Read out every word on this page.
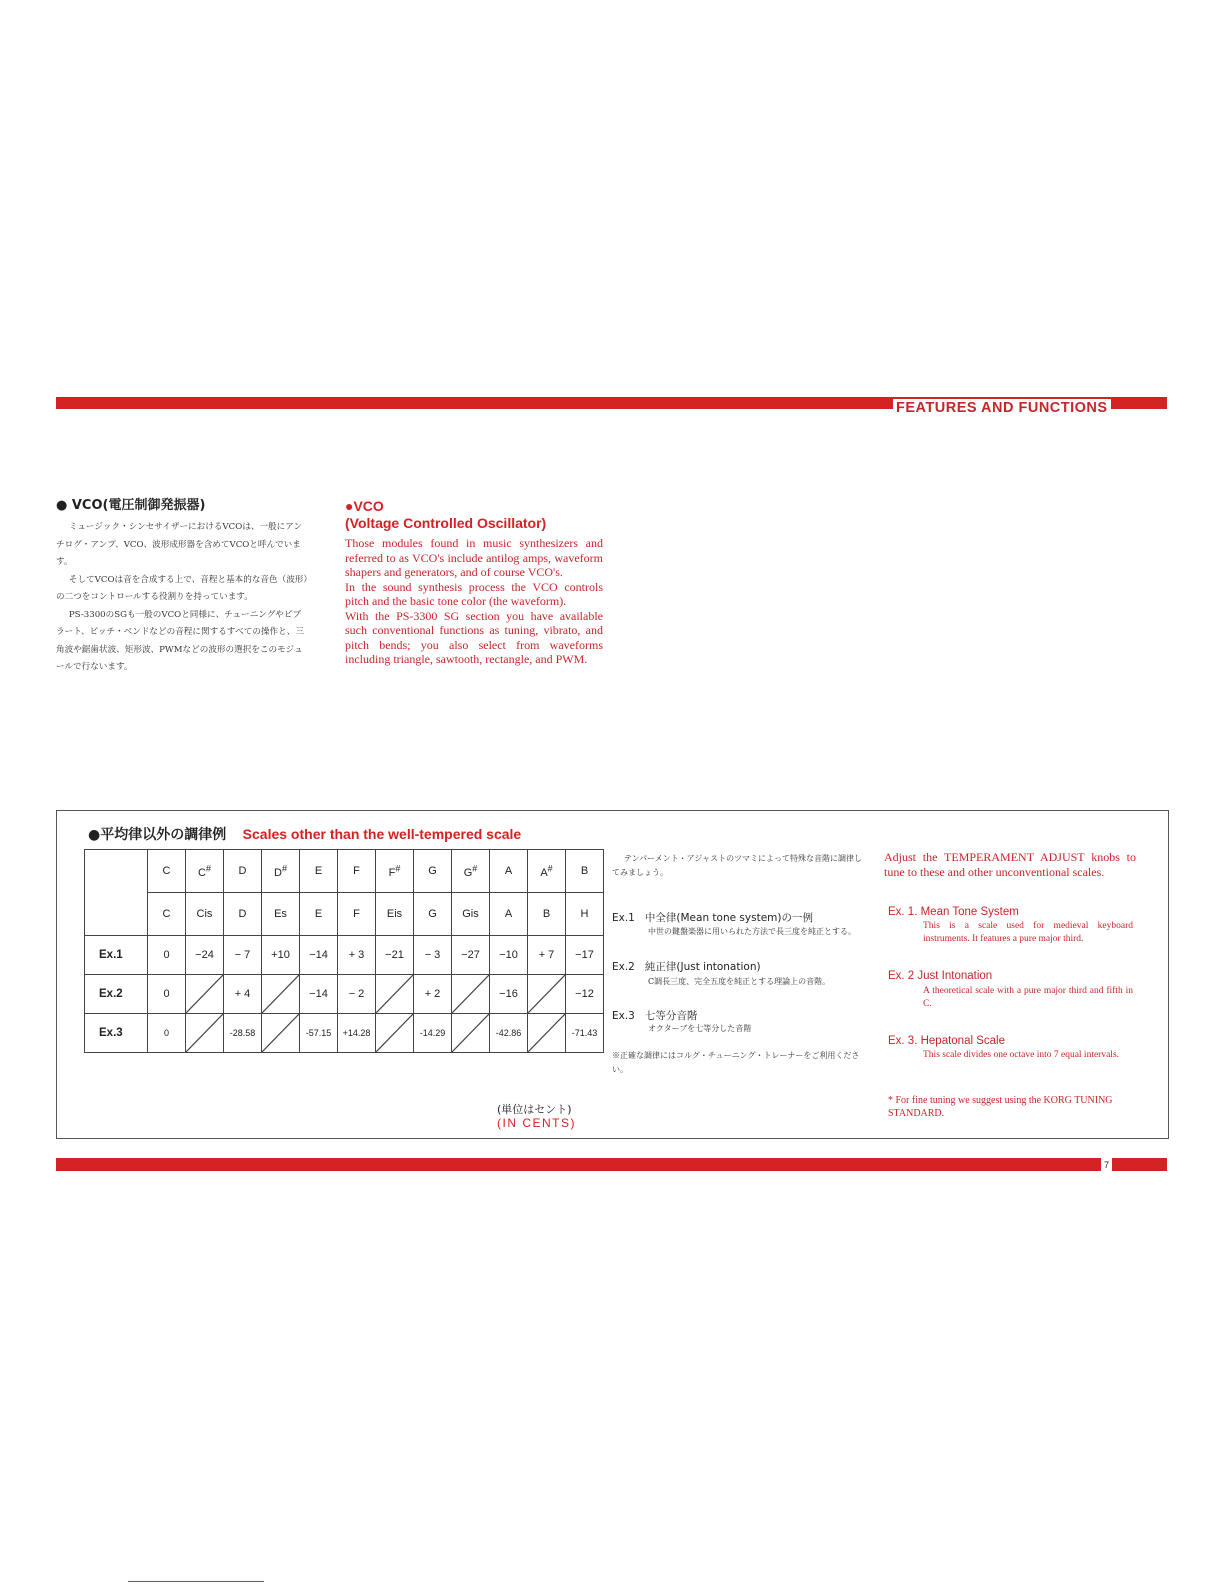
FEATURES AND FUNCTIONS
● VCO(電圧制御発振器)

ミュージック・シンセサイザーにおけるVCOは、一般にアンチログ・アンプ、VCO、波形成形器を含めてVCOと呼んでいます。

そしてVCOは音を合成する上で、音程と基本的な音色（波形）の二つをコントロールする役割りを持っています。

PS-3300のSGも一般のVCOと同様に、チューニングやビブラート、ピッチ・ベンドなどの音程に関するすべての操作と、三角波や鋸歯状波、矩形波、PWMなどの波形の選択をこのモジュールで行ないます。

●VCO
(Voltage Controlled Oscillator)

Those modules found in music synthesizers and referred to as VCO's include antilog amps, waveform shapers and generators, and of course VCO's.

In the sound synthesis process the VCO controls pitch and the basic tone color (the waveform).

With the PS-3300 SG section you have available such conventional functions as tuning, vibrato, and pitch bends; you also select from waveforms including triangle, sawtooth, rectangle, and PWM.

●平均律以外の調律例 Scales other than the well-tempered scale
	C	C#	D	D#	E	F	F#	G	G#	A	A#	B
	C	Cis	D	Es	E	F	Eis	G	Gis	A	B	H
Ex.1	0	−24	− 7	+10	−14	+ 3	−21	− 3	−27	−10	+ 7	−17
Ex.2	0		+ 4		−14	− 2		+ 2		−16		−12
Ex.3	0		-28.58		-57.15	+14.28		-14.29		-42.86		-71.43
(単位はセント)
(IN CENTS)

テンパーメント・アジャストのツマミによって特殊な音階に調律してみましょう。

Ex.1 中全律(Mean tone system)の一例
中世の鍵盤楽器に用いられた方法で長三度を純正とする。
Ex.2 純正律(Just intonation)
C調長三度、完全五度を純正とする理論上の音階。
Ex.3 七等分音階
オクターブを七等分した音階
※正確な調律にはコルグ・チューニング・トレーナーをご利用ください。
Adjust the TEMPERAMENT ADJUST knobs to tune to these and other unconventional scales.
Ex. 1. Mean Tone System
This is a scale used for medieval keyboard instruments. It features a pure major third.
Ex. 2 Just Intonation
A theoretical scale with a pure major third and fifth in C.
Ex. 3. Hepatonal Scale
This scale divides one octave into 7 equal intervals.
* For fine tuning we suggest using the KORG TUNING STANDARD.
7
